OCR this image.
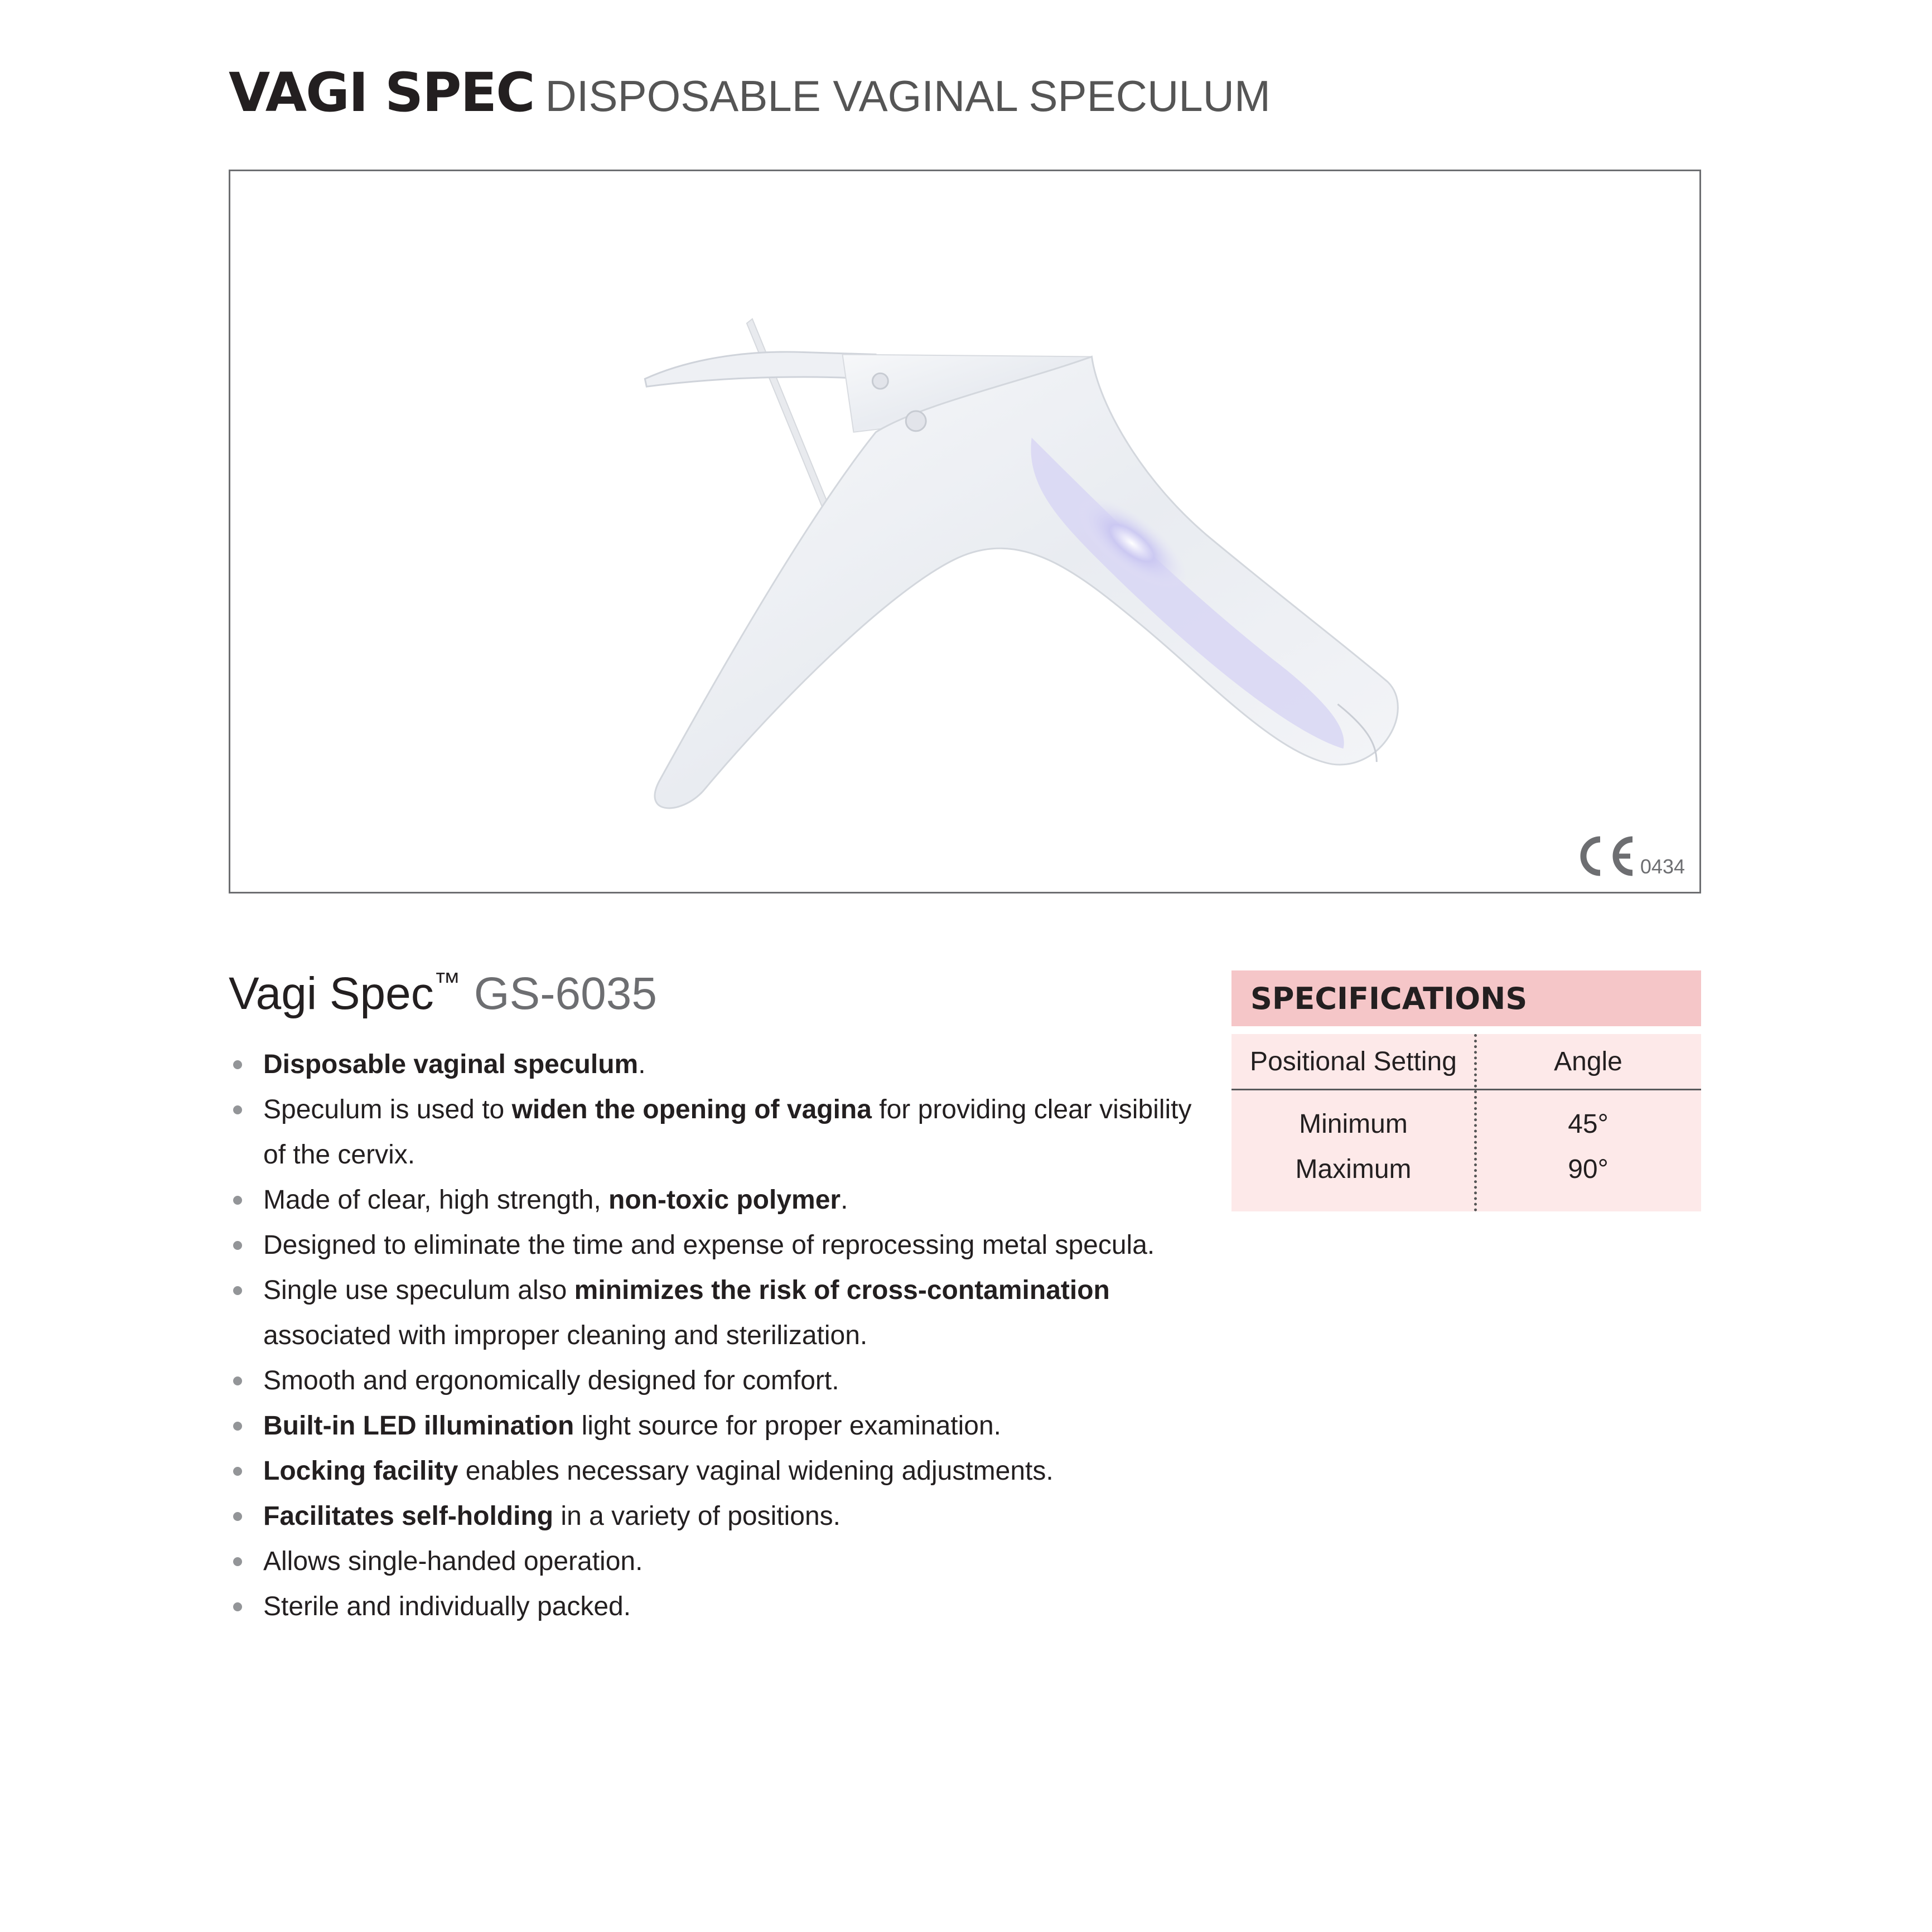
VAGI SPEC DISPOSABLE VAGINAL SPECULUM
0434
Vagi Spec™ GS-6035
Disposable vaginal speculum.
Speculum is used to widen the opening of vagina for providing clear visibility
of the cervix.
Made of clear, high strength, non-toxic polymer.
Designed to eliminate the time and expense of reprocessing metal specula.
Single use speculum also minimizes the risk of cross-contamination
associated with improper cleaning and sterilization.
Smooth and ergonomically designed for comfort.
Built-in LED illumination light source for proper examination.
Locking facility enables necessary vaginal widening adjustments.
Facilitates self-holding in a variety of positions.
Allows single-handed operation.
Sterile and individually packed.
SPECIFICATIONS
Positional Setting	Angle
Minimum	45°
Maximum	90°
